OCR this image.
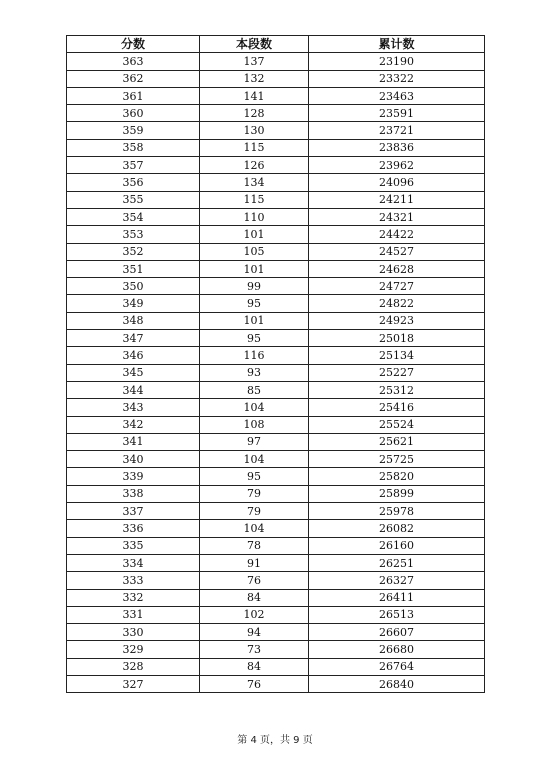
分数	本段数	累计数
363	137	23190
362	132	23322
361	141	23463
360	128	23591
359	130	23721
358	115	23836
357	126	23962
356	134	24096
355	115	24211
354	110	24321
353	101	24422
352	105	24527
351	101	24628
350	99	24727
349	95	24822
348	101	24923
347	95	25018
346	116	25134
345	93	25227
344	85	25312
343	104	25416
342	108	25524
341	97	25621
340	104	25725
339	95	25820
338	79	25899
337	79	25978
336	104	26082
335	78	26160
334	91	26251
333	76	26327
332	84	26411
331	102	26513
330	94	26607
329	73	26680
328	84	26764
327	76	26840
第 4 页，共 9 页
